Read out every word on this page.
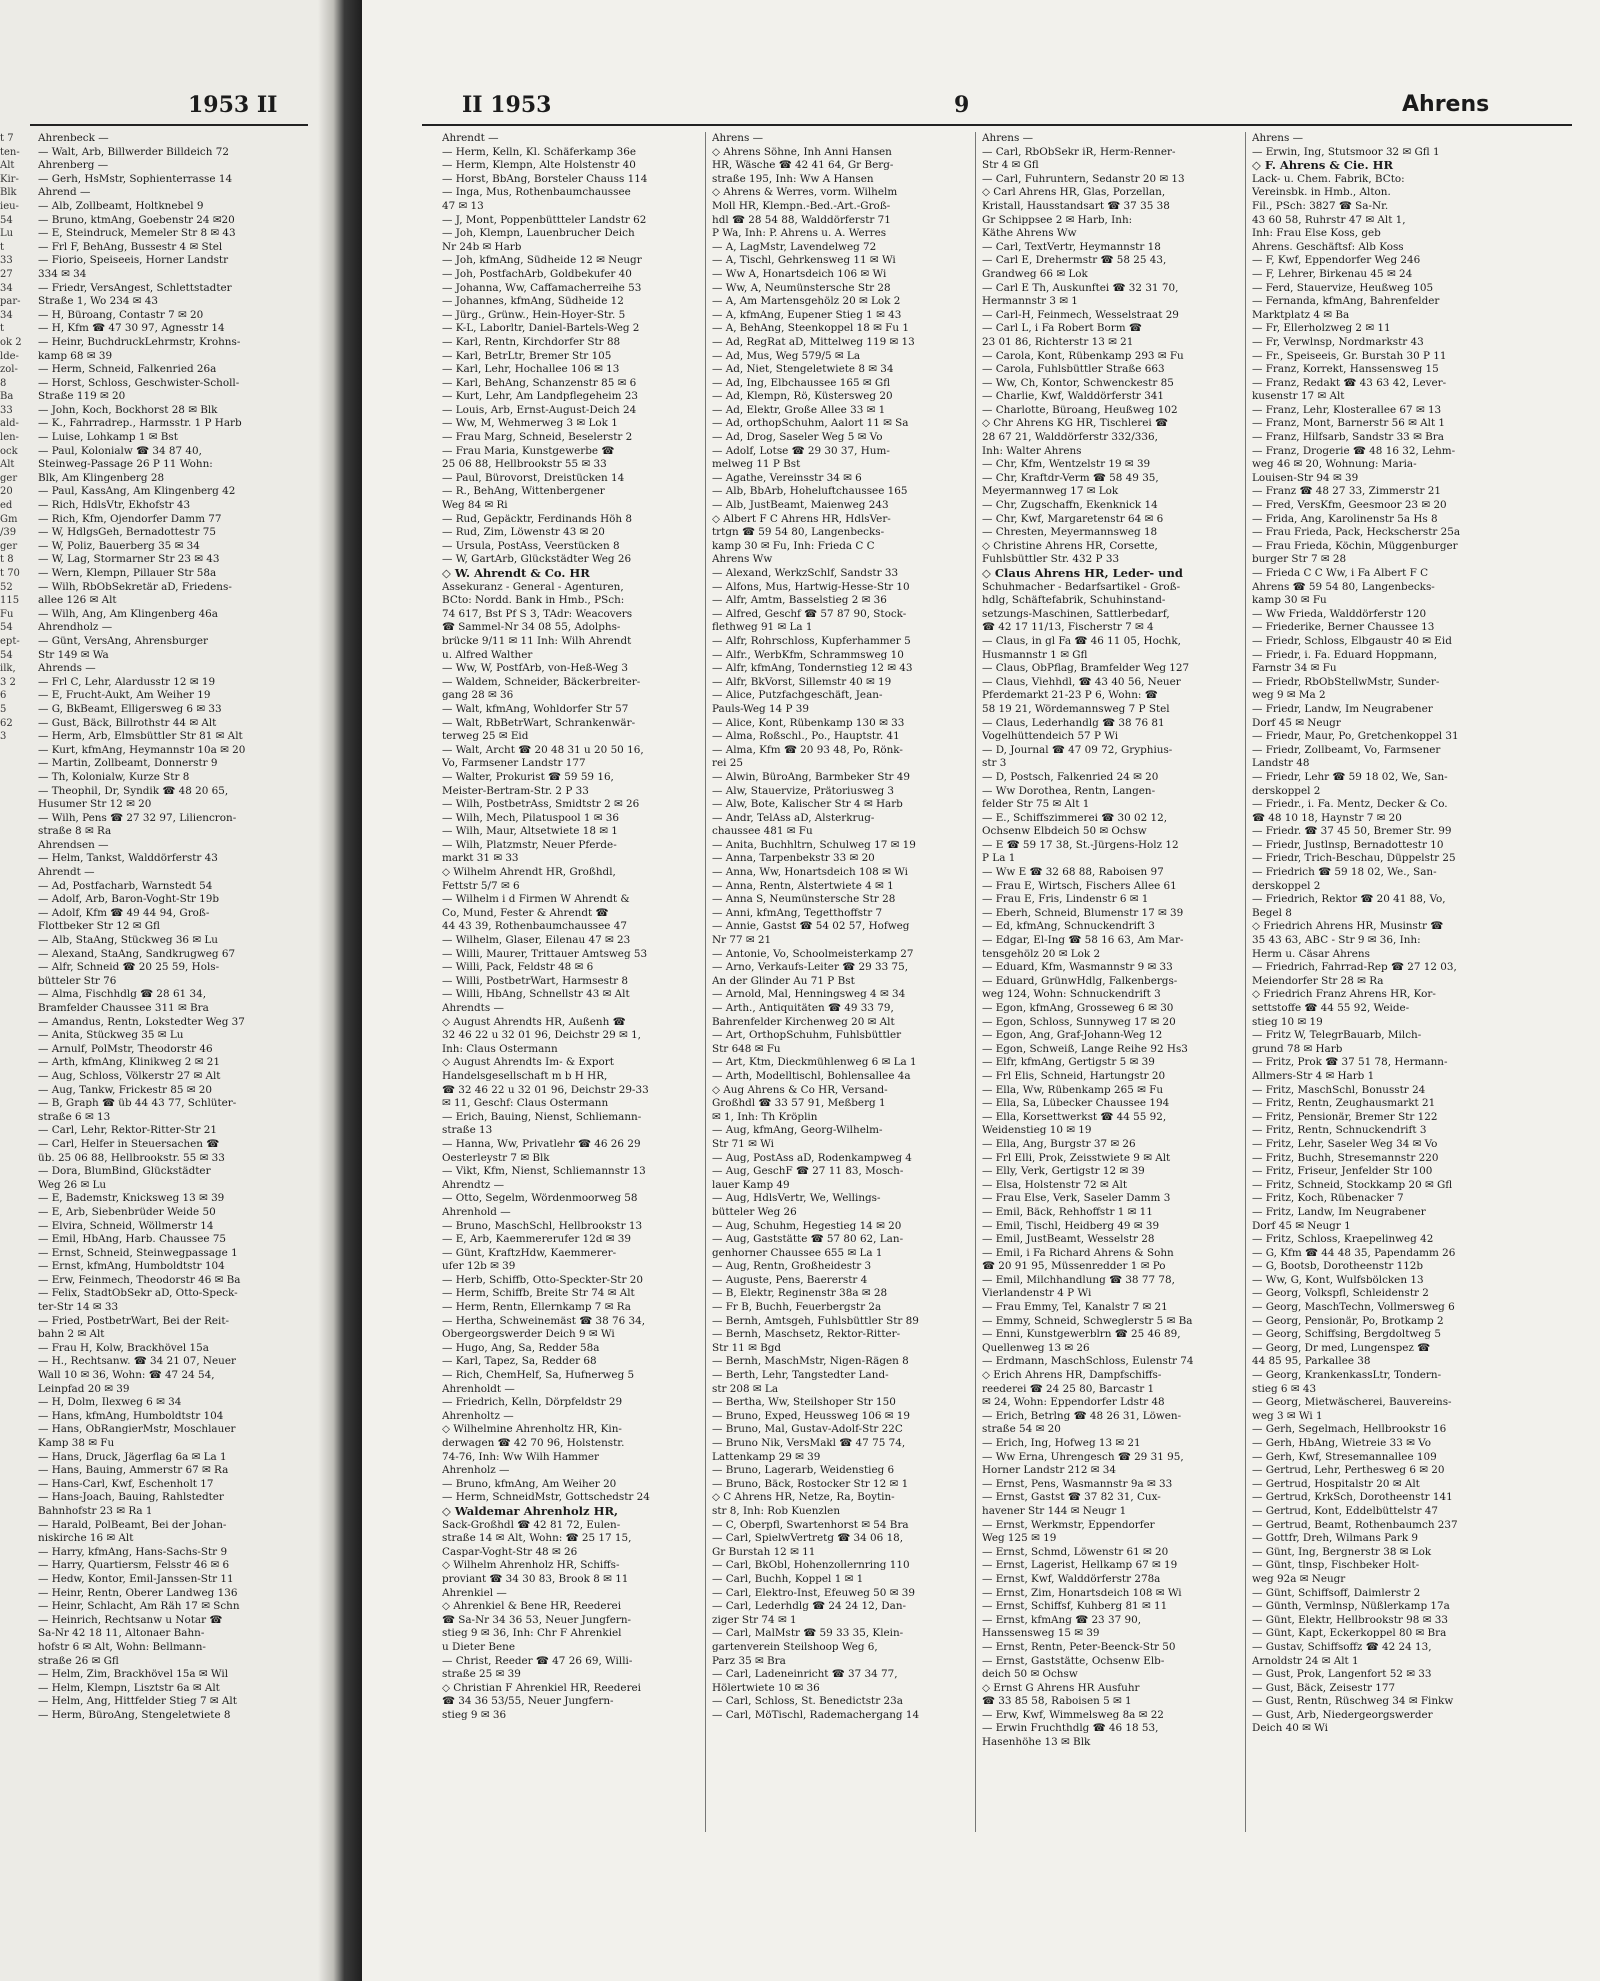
1953 II
t 7
ten-
Alt
Kir-
Blk
ieu-
54
Lu
t
33
27
34
par-
34
t
ok 2
lde-
zol-
8
Ba
33
ald-
len-
ock
Alt
ger
20
ed
Gm
/39
ger
t 8
t 70
52
115
Fu
54
ept-
54
ilk,
3 2
6
5
62
3
Ahrenbeck —
— Walt, Arb, Billwerder Billdeich 72
Ahrenberg —
— Gerh, HsMstr, Sophienterrasse 14
Ahrend —
— Alb, Zollbeamt, Holtknebel 9
— Bruno, ktmAng, Goebenstr 24 ✉20
— E, Steindruck, Memeler Str 8 ✉ 43
— Frl F, BehAng, Bussestr 4 ✉ Stel
— Fiorio, Speiseeis, Horner Landstr
334 ✉ 34
— Friedr, VersAngest, Schlettstadter
Straße 1, Wo 234 ✉ 43
— H, Büroang, Contastr 7 ✉ 20
— H, Kfm ☎ 47 30 97, Agnesstr 14
— Heinr, BuchdruckLehrmstr, Krohns-
kamp 68 ✉ 39
— Herm, Schneid, Falkenried 26a
— Horst, Schloss, Geschwister-Scholl-
Straße 119 ✉ 20
— John, Koch, Bockhorst 28 ✉ Blk
— K., Fahrradrep., Harmsstr. 1 P Harb
— Luise, Lohkamp 1 ✉ Bst
— Paul, Kolonialw ☎ 34 87 40,
Steinweg-Passage 26 P 11 Wohn:
Blk, Am Klingenberg 28
— Paul, KassAng, Am Klingenberg 42
— Rich, HdlsVtr, Ekhofstr 43
— Rich, Kfm, Ojendorfer Damm 77
— W, HdlgsGeh, Bernadottestr 75
— W, Poliz, Bauerberg 35 ✉ 34
— W, Lag, Stormarner Str 23 ✉ 43
— Wern, Klempn, Pillauer Str 58a
— Wilh, RbObSekretär aD, Friedens-
allee 126 ✉ Alt
— Wilh, Ang, Am Klingenberg 46a
Ahrendholz —
— Günt, VersAng, Ahrensburger
Str 149 ✉ Wa
Ahrends —
— Frl C, Lehr, Alardusstr 12 ✉ 19
— E, Frucht-Aukt, Am Weiher 19
— G, BkBeamt, Elligersweg 6 ✉ 33
— Gust, Bäck, Billrothstr 44 ✉ Alt
— Herm, Arb, Elmsbüttler Str 81 ✉ Alt
— Kurt, kfmAng, Heymannstr 10a ✉ 20
— Martin, Zollbeamt, Donnerstr 9
— Th, Kolonialw, Kurze Str 8
— Theophil, Dr, Syndik ☎ 48 20 65,
Husumer Str 12 ✉ 20
— Wilh, Pens ☎ 27 32 97, Liliencron-
straße 8 ✉ Ra
Ahrendsen —
— Helm, Tankst, Walddörferstr 43
Ahrendt —
— Ad, Postfacharb, Warnstedt 54
— Adolf, Arb, Baron-Voght-Str 19b
— Adolf, Kfm ☎ 49 44 94, Groß-
Flottbeker Str 12 ✉ Gfl
— Alb, StaAng, Stückweg 36 ✉ Lu
— Alexand, StaAng, Sandkrugweg 67
— Alfr, Schneid ☎ 20 25 59, Hols-
bütteler Str 76
— Alma, Fischhdlg ☎ 28 61 34,
Bramfelder Chaussee 311 ✉ Bra
— Amandus, Rentn, Lokstedter Weg 37
— Anita, Stückweg 35 ✉ Lu
— Arnulf, PolMstr, Theodorstr 46
— Arth, kfmAng, Klinikweg 2 ✉ 21
— Aug, Schloss, Völkerstr 27 ✉ Alt
— Aug, Tankw, Frickestr 85 ✉ 20
— B, Graph ☎ üb 44 43 77, Schlüter-
straße 6 ✉ 13
— Carl, Lehr, Rektor-Ritter-Str 21
— Carl, Helfer in Steuersachen ☎
üb. 25 06 88, Hellbrookstr. 55 ✉ 33
— Dora, BlumBind, Glückstädter
Weg 26 ✉ Lu
— E, Bademstr, Knicksweg 13 ✉ 39
— E, Arb, Siebenbrüder Weide 50
— Elvira, Schneid, Wöllmerstr 14
— Emil, HbAng, Harb. Chaussee 75
— Ernst, Schneid, Steinwegpassage 1
— Ernst, kfmAng, Humboldtstr 104
— Erw, Feinmech, Theodorstr 46 ✉ Ba
— Felix, StadtObSekr aD, Otto-Speck-
ter-Str 14 ✉ 33
— Fried, PostbetrWart, Bei der Reit-
bahn 2 ✉ Alt
— Frau H, Kolw, Brackhövel 15a
— H., Rechtsanw. ☎ 34 21 07, Neuer
Wall 10 ✉ 36, Wohn: ☎ 47 24 54,
Leinpfad 20 ✉ 39
— H, Dolm, Ilexweg 6 ✉ 34
— Hans, kfmAng, Humboldtstr 104
— Hans, ObRangierMstr, Moschlauer
Kamp 38 ✉ Fu
— Hans, Druck, Jägerflag 6a ✉ La 1
— Hans, Bauing, Ammerstr 67 ✉ Ra
— Hans-Carl, Kwf, Eschenholt 17
— Hans-Joach, Bauing, Rahlstedter
Bahnhofstr 23 ✉ Ra 1
— Harald, PolBeamt, Bei der Johan-
niskirche 16 ✉ Alt
— Harry, kfmAng, Hans-Sachs-Str 9
— Harry, Quartiersm, Felsstr 46 ✉ 6
— Hedw, Kontor, Emil-Janssen-Str 11
— Heinr, Rentn, Oberer Landweg 136
— Heinr, Schlacht, Am Räh 17 ✉ Schn
— Heinrich, Rechtsanw u Notar ☎
Sa-Nr 42 18 11, Altonaer Bahn-
hofstr 6 ✉ Alt, Wohn: Bellmann-
straße 26 ✉ Gfl
— Helm, Zim, Brackhövel 15a ✉ Wil
— Helm, Klempn, Lisztstr 6a ✉ Alt
— Helm, Ang, Hittfelder Stieg 7 ✉ Alt
— Herm, BüroAng, Stengeletwiete 8
II 1953	9	Ahrens
Ahrendt —
— Herm, Kelln, Kl. Schäferkamp 36e
— Herm, Klempn, Alte Holstenstr 40
— Horst, BbAng, Borsteler Chauss 114
— Inga, Mus, Rothenbaumchaussee
47 ✉ 13
— J, Mont, Poppenbüttteler Landstr 62
— Joh, Klempn, Lauenbrucher Deich
Nr 24b ✉ Harb
— Joh, kfmAng, Südheide 12 ✉ Neugr
— Joh, PostfachArb, Goldbekufer 40
— Johanna, Ww, Caffamacherreihe 53
— Johannes, kfmAng, Südheide 12
— Jürg., Grünw., Hein-Hoyer-Str. 5
— K-L, Laborltr, Daniel-Bartels-Weg 2
— Karl, Rentn, Kirchdorfer Str 88
— Karl, BetrLtr, Bremer Str 105
— Karl, Lehr, Hochallee 106 ✉ 13
— Karl, BehAng, Schanzenstr 85 ✉ 6
— Kurt, Lehr, Am Landpflegeheim 23
— Louis, Arb, Ernst-August-Deich 24
— Ww, M, Wehmerweg 3 ✉ Lok 1
— Frau Marg, Schneid, Beselerstr 2
— Frau Maria, Kunstgewerbe ☎
25 06 88, Hellbrookstr 55 ✉ 33
— Paul, Bürovorst, Dreistücken 14
— R., BehAng, Wittenbergener
Weg 84 ✉ Ri
— Rud, Gepäcktr, Ferdinands Höh 8
— Rud, Zim, Löwenstr 43 ✉ 20
— Ursula, PostAss, Veerstücken 8
— W, GartArb, Glückstädter Weg 26
◇ W. Ahrendt & Co. HR
Assekuranz - General - Agenturen,
BCto: Nordd. Bank in Hmb., PSch:
74 617, Bst Pf S 3, TAdr: Weacovers
☎ Sammel-Nr 34 08 55, Adolphs-
brücke 9/11 ✉ 11 Inh: Wilh Ahrendt
u. Alfred Walther
— Ww, W, PostfArb, von-Heß-Weg 3
— Waldem, Schneider, Bäckerbreiter-
gang 28 ✉ 36
— Walt, kfmAng, Wohldorfer Str 57
— Walt, RbBetrWart, Schrankenwär-
terweg 25 ✉ Eid
— Walt, Archt ☎ 20 48 31 u 20 50 16,
Vo, Farmsener Landstr 177
— Walter, Prokurist ☎ 59 59 16,
Meister-Bertram-Str. 2 P 33
— Wilh, PostbetrAss, Smidtstr 2 ✉ 26
— Wilh, Mech, Pilatuspool 1 ✉ 36
— Wilh, Maur, Altsetwiete 18 ✉ 1
— Wilh, Platzmstr, Neuer Pferde-
markt 31 ✉ 33
◇ Wilhelm Ahrendt HR, Großhdl,
Fettstr 5/7 ✉ 6
— Wilhelm i d Firmen W Ahrendt &
Co, Mund, Fester & Ahrendt ☎
44 43 39, Rothenbaumchaussee 47
— Wilhelm, Glaser, Eilenau 47 ✉ 23
— Willi, Maurer, Trittauer Amtsweg 53
— Willi, Pack, Feldstr 48 ✉ 6
— Willi, PostbetrWart, Harmsestr 8
— Willi, HbAng, Schnellstr 43 ✉ Alt
Ahrendts —
◇ August Ahrendts HR, Außenh ☎
32 46 22 u 32 01 96, Deichstr 29 ✉ 1,
Inh: Claus Ostermann
◇ August Ahrendts Im- & Export
Handelsgesellschaft m b H HR,
☎ 32 46 22 u 32 01 96, Deichstr 29-33
✉ 11, Geschf: Claus Ostermann
— Erich, Bauing, Nienst, Schliemann-
straße 13
— Hanna, Ww, Privatlehr ☎ 46 26 29
Oesterleystr 7 ✉ Blk
— Vikt, Kfm, Nienst, Schliemannstr 13
Ahrendtz —
— Otto, Segelm, Wördenmoorweg 58
Ahrenhold —
— Bruno, MaschSchl, Hellbrookstr 13
— E, Arb, Kaemmererufer 12d ✉ 39
— Günt, KraftzHdw, Kaemmerer-
ufer 12b ✉ 39
— Herb, Schiffb, Otto-Speckter-Str 20
— Herm, Schiffb, Breite Str 74 ✉ Alt
— Herm, Rentn, Ellernkamp 7 ✉ Ra
— Hertha, Schweinemäst ☎ 38 76 34,
Obergeorgswerder Deich 9 ✉ Wi
— Hugo, Ang, Sa, Redder 58a
— Karl, Tapez, Sa, Redder 68
— Rich, ChemHelf, Sa, Hufnerweg 5
Ahrenholdt —
— Friedrich, Kelln, Dörpfeldstr 29
Ahrenholtz —
◇ Wilhelmine Ahrenholtz HR, Kin-
derwagen ☎ 42 70 96, Holstenstr.
74-76, Inh: Ww Wilh Hammer
Ahrenholz —
— Bruno, kfmAng, Am Weiher 20
— Herm, SchneidMstr, Gottschedstr 24
◇ Waldemar Ahrenholz HR,
Sack-Großhdl ☎ 42 81 72, Eulen-
straße 14 ✉ Alt, Wohn: ☎ 25 17 15,
Caspar-Voght-Str 48 ✉ 26
◇ Wilhelm Ahrenholz HR, Schiffs-
proviant ☎ 34 30 83, Brook 8 ✉ 11
Ahrenkiel —
◇ Ahrenkiel & Bene HR, Reederei
☎ Sa-Nr 34 36 53, Neuer Jungfern-
stieg 9 ✉ 36, Inh: Chr F Ahrenkiel
u Dieter Bene
— Christ, Reeder ☎ 47 26 69, Willi-
straße 25 ✉ 39
◇ Christian F Ahrenkiel HR, Reederei
☎ 34 36 53/55, Neuer Jungfern-
stieg 9 ✉ 36
Ahrens —
◇ Ahrens Söhne, Inh Anni Hansen
HR, Wäsche ☎ 42 41 64, Gr Berg-
straße 195, Inh: Ww A Hansen
◇ Ahrens & Werres, vorm. Wilhelm
Moll HR, Klempn.-Bed.-Art.-Groß-
hdl ☎ 28 54 88, Walddörferstr 71
P Wa, Inh: P. Ahrens u. A. Werres
— A, LagMstr, Lavendelweg 72
— A, Tischl, Gehrkensweg 11 ✉ Wi
— Ww A, Honartsdeich 106 ✉ Wi
— Ww, A, Neumünstersche Str 28
— A, Am Martensgehölz 20 ✉ Lok 2
— A, kfmAng, Eupener Stieg 1 ✉ 43
— A, BehAng, Steenkoppel 18 ✉ Fu 1
— Ad, RegRat aD, Mittelweg 119 ✉ 13
— Ad, Mus, Weg 579/5 ✉ La
— Ad, Niet, Stengeletwiete 8 ✉ 34
— Ad, Ing, Elbchaussee 165 ✉ Gfl
— Ad, Klempn, Rö, Küstersweg 20
— Ad, Elektr, Große Allee 33 ✉ 1
— Ad, orthopSchuhm, Aalort 11 ✉ Sa
— Ad, Drog, Saseler Weg 5 ✉ Vo
— Adolf, Lotse ☎ 29 30 37, Hum-
melweg 11 P Bst
— Agathe, Vereinsstr 34 ✉ 6
— Alb, BbArb, Hoheluftchaussee 165
— Alb, JustBeamt, Maienweg 243
◇ Albert F C Ahrens HR, HdlsVer-
trtgn ☎ 59 54 80, Langenbecks-
kamp 30 ✉ Fu, Inh: Frieda C C
Ahrens Ww
— Alexand, WerkzSchlf, Sandstr 33
— Alfons, Mus, Hartwig-Hesse-Str 10
— Alfr, Amtm, Basselstieg 2 ✉ 36
— Alfred, Geschf ☎ 57 87 90, Stock-
flethweg 91 ✉ La 1
— Alfr, Rohrschloss, Kupferhammer 5
— Alfr., WerbKfm, Schrammsweg 10
— Alfr, kfmAng, Tondernstieg 12 ✉ 43
— Alfr, BkVorst, Sillemstr 40 ✉ 19
— Alice, Putzfachgeschäft, Jean-
Pauls-Weg 14 P 39
— Alice, Kont, Rübenkamp 130 ✉ 33
— Alma, Roßschl., Po., Hauptstr. 41
— Alma, Kfm ☎ 20 93 48, Po, Rönk-
rei 25
— Alwin, BüroAng, Barmbeker Str 49
— Alw, Stauervize, Prätoriusweg 3
— Alw, Bote, Kalischer Str 4 ✉ Harb
— Andr, TelAss aD, Alsterkrug-
chaussee 481 ✉ Fu
— Anita, Buchhltrn, Schulweg 17 ✉ 19
— Anna, Tarpenbekstr 33 ✉ 20
— Anna, Ww, Honartsdeich 108 ✉ Wi
— Anna, Rentn, Alstertwiete 4 ✉ 1
— Anna S, Neumünstersche Str 28
— Anni, kfmAng, Tegetthoffstr 7
— Annie, Gastst ☎ 54 02 57, Hofweg
Nr 77 ✉ 21
— Antonie, Vo, Schoolmeisterkamp 27
— Arno, Verkaufs-Leiter ☎ 29 33 75,
An der Glinder Au 71 P Bst
— Arnold, Mal, Henningsweg 4 ✉ 34
— Arth., Antiquitäten ☎ 49 33 79,
Bahrenfelder Kirchenweg 20 ✉ Alt
— Art, OrthopSchuhm, Fuhlsbüttler
Str 648 ✉ Fu
— Art, Ktm, Dieckmühlenweg 6 ✉ La 1
— Arth, Modelltischl, Bohlensallee 4a
◇ Aug Ahrens & Co HR, Versand-
Großhdl ☎ 33 57 91, Meßberg 1
✉ 1, Inh: Th Kröplin
— Aug, kfmAng, Georg-Wilhelm-
Str 71 ✉ Wi
— Aug, PostAss aD, Rodenkampweg 4
— Aug, GeschF ☎ 27 11 83, Mosch-
lauer Kamp 49
— Aug, HdlsVertr, We, Wellings-
bütteler Weg 26
— Aug, Schuhm, Hegestieg 14 ✉ 20
— Aug, Gaststätte ☎ 57 80 62, Lan-
genhorner Chaussee 655 ✉ La 1
— Aug, Rentn, Großheidestr 3
— Auguste, Pens, Baererstr 4
— B, Elektr, Reginenstr 38a ✉ 28
— Fr B, Buchh, Feuerbergstr 2a
— Bernh, Amtsgeh, Fuhlsbüttler Str 89
— Bernh, Maschsetz, Rektor-Ritter-
Str 11 ✉ Bgd
— Bernh, MaschMstr, Nigen-Rägen 8
— Berth, Lehr, Tangstedter Land-
str 208 ✉ La
— Bertha, Ww, Steilshoper Str 150
— Bruno, Exped, Heussweg 106 ✉ 19
— Bruno, Mal, Gustav-Adolf-Str 22C
— Bruno Nik, VersMakl ☎ 47 75 74,
Lattenkamp 29 ✉ 39
— Bruno, Lagerarb, Weidenstieg 6
— Bruno, Bäck, Rostocker Str 12 ✉ 1
◇ C Ahrens HR, Netze, Ra, Boytin-
str 8, Inh: Rob Kuenzlen
— C, Oberpfl, Swartenhorst ✉ 54 Bra
— Carl, SpielwVertretg ☎ 34 06 18,
Gr Burstah 12 ✉ 11
— Carl, BkObl, Hohenzollernring 110
— Carl, Buchh, Koppel 1 ✉ 1
— Carl, Elektro-Inst, Efeuweg 50 ✉ 39
— Carl, Lederhdlg ☎ 24 24 12, Dan-
ziger Str 74 ✉ 1
— Carl, MalMstr ☎ 59 33 35, Klein-
gartenverein Steilshoop Weg 6,
Parz 35 ✉ Bra
— Carl, Ladeneinricht ☎ 37 34 77,
Hölertwiete 10 ✉ 36
— Carl, Schloss, St. Benedictstr 23a
— Carl, MöTischl, Rademachergang 14
Ahrens —
— Carl, RbObSekr iR, Herm-Renner-
Str 4 ✉ Gfl
— Carl, Fuhruntern, Sedanstr 20 ✉ 13
◇ Carl Ahrens HR, Glas, Porzellan,
Kristall, Hausstandsart ☎ 37 35 38
Gr Schippsee 2 ✉ Harb, Inh:
Käthe Ahrens Ww
— Carl, TextVertr, Heymannstr 18
— Carl E, Drehermstr ☎ 58 25 43,
Grandweg 66 ✉ Lok
— Carl E Th, Auskunftei ☎ 32 31 70,
Hermannstr 3 ✉ 1
— Carl-H, Feinmech, Wesselstraat 29
— Carl L, i Fa Robert Borm ☎
23 01 86, Richterstr 13 ✉ 21
— Carola, Kont, Rübenkamp 293 ✉ Fu
— Carola, Fuhlsbüttler Straße 663
— Ww, Ch, Kontor, Schwenckestr 85
— Charlie, Kwf, Walddörferstr 341
— Charlotte, Büroang, Heußweg 102
◇ Chr Ahrens KG HR, Tischlerei ☎
28 67 21, Walddörferstr 332/336,
Inh: Walter Ahrens
— Chr, Kfm, Wentzelstr 19 ✉ 39
— Chr, Kraftdr-Verm ☎ 58 49 35,
Meyermannweg 17 ✉ Lok
— Chr, Zugschaffn, Ekenknick 14
— Chr, Kwf, Margaretenstr 64 ✉ 6
— Chresten, Meyermannsweg 18
◇ Christine Ahrens HR, Corsette,
Fuhlsbüttler Str. 432 P 33
◇ Claus Ahrens HR, Leder- und
Schuhmacher - Bedarfsartikel - Groß-
hdlg, Schäftefabrik, Schuhinstand-
setzungs-Maschinen, Sattlerbedarf,
☎ 42 17 11/13, Fischerstr 7 ✉ 4
— Claus, in gl Fa ☎ 46 11 05, Hochk,
Husmannstr 1 ✉ Gfl
— Claus, ObPflag, Bramfelder Weg 127
— Claus, Viehhdl, ☎ 43 40 56, Neuer
Pferdemarkt 21-23 P 6, Wohn: ☎
58 19 21, Wördemannsweg 7 P Stel
— Claus, Lederhandlg ☎ 38 76 81
Vogelhüttendeich 57 P Wi
— D, Journal ☎ 47 09 72, Gryphius-
str 3
— D, Postsch, Falkenried 24 ✉ 20
— Ww Dorothea, Rentn, Langen-
felder Str 75 ✉ Alt 1
— E., Schiffszimmerei ☎ 30 02 12,
Ochsenw Elbdeich 50 ✉ Ochsw
— E ☎ 59 17 38, St.-Jürgens-Holz 12
P La 1
— Ww E ☎ 32 68 88, Raboisen 97
— Frau E, Wirtsch, Fischers Allee 61
— Frau E, Fris, Lindenstr 6 ✉ 1
— Eberh, Schneid, Blumenstr 17 ✉ 39
— Ed, kfmAng, Schnuckendrift 3
— Edgar, El-Ing ☎ 58 16 63, Am Mar-
tensgehölz 20 ✉ Lok 2
— Eduard, Kfm, Wasmannstr 9 ✉ 33
— Eduard, GrünwHdlg, Falkenbergs-
weg 124, Wohn: Schnuckendrift 3
— Egon, kfmAng, Grosseweg 6 ✉ 30
— Egon, Schloss, Sunnyweg 17 ✉ 20
— Egon, Ang, Graf-Johann-Weg 12
— Egon, Schweiß, Lange Reihe 92 Hs3
— Elfr, kfmAng, Gertigstr 5 ✉ 39
— Frl Elis, Schneid, Hartungstr 20
— Ella, Ww, Rübenkamp 265 ✉ Fu
— Ella, Sa, Lübecker Chaussee 194
— Ella, Korsettwerkst ☎ 44 55 92,
Weidenstieg 10 ✉ 19
— Ella, Ang, Burgstr 37 ✉ 26
— Frl Elli, Prok, Zeisstwiete 9 ✉ Alt
— Elly, Verk, Gertigstr 12 ✉ 39
— Elsa, Holstenstr 72 ✉ Alt
— Frau Else, Verk, Saseler Damm 3
— Emil, Bäck, Rehhoffstr 1 ✉ 11
— Emil, Tischl, Heidberg 49 ✉ 39
— Emil, JustBeamt, Wesselstr 28
— Emil, i Fa Richard Ahrens & Sohn
☎ 20 91 95, Müssenredder 1 ✉ Po
— Emil, Milchhandlung ☎ 38 77 78,
Vierlandenstr 4 P Wi
— Frau Emmy, Tel, Kanalstr 7 ✉ 21
— Emmy, Schneid, Schweglerstr 5 ✉ Ba
— Enni, Kunstgewerblrn ☎ 25 46 89,
Quellenweg 13 ✉ 26
— Erdmann, MaschSchloss, Eulenstr 74
◇ Erich Ahrens HR, Dampfschiffs-
reederei ☎ 24 25 80, Barcastr 1
✉ 24, Wohn: Eppendorfer Ldstr 48
— Erich, Betrlng ☎ 48 26 31, Löwen-
straße 54 ✉ 20
— Erich, Ing, Hofweg 13 ✉ 21
— Ww Erna, Uhrengesch ☎ 29 31 95,
Horner Landstr 212 ✉ 34
— Ernst, Pens, Wasmannstr 9a ✉ 33
— Ernst, Gastst ☎ 37 82 31, Cux-
havener Str 144 ✉ Neugr 1
— Ernst, Werkmstr, Eppendorfer
Weg 125 ✉ 19
— Ernst, Schmd, Löwenstr 61 ✉ 20
— Ernst, Lagerist, Hellkamp 67 ✉ 19
— Ernst, Kwf, Walddörferstr 278a
— Ernst, Zim, Honartsdeich 108 ✉ Wi
— Ernst, Schiffsf, Kuhberg 81 ✉ 11
— Ernst, kfmAng ☎ 23 37 90,
Hanssensweg 15 ✉ 39
— Ernst, Rentn, Peter-Beenck-Str 50
— Ernst, Gaststätte, Ochsenw Elb-
deich 50 ✉ Ochsw
◇ Ernst G Ahrens HR Ausfuhr
☎ 33 85 58, Raboisen 5 ✉ 1
— Erw, Kwf, Wimmelsweg 8a ✉ 22
— Erwin Fruchthdlg ☎ 46 18 53,
Hasenhöhe 13 ✉ Blk
Ahrens —
— Erwin, Ing, Stutsmoor 32 ✉ Gfl 1
◇ F. Ahrens & Cie. HR
Lack- u. Chem. Fabrik, BCto:
Vereinsbk. in Hmb., Alton.
Fil., PSch: 3827 ☎ Sa-Nr.
43 60 58, Ruhrstr 47 ✉ Alt 1,
Inh: Frau Else Koss, geb
Ahrens. Geschäftsf: Alb Koss
— F, Kwf, Eppendorfer Weg 246
— F, Lehrer, Birkenau 45 ✉ 24
— Ferd, Stauervize, Heußweg 105
— Fernanda, kfmAng, Bahrenfelder
Marktplatz 4 ✉ Ba
— Fr, Ellerholzweg 2 ✉ 11
— Fr, Verwlnsp, Nordmarkstr 43
— Fr., Speiseeis, Gr. Burstah 30 P 11
— Franz, Korrekt, Hanssensweg 15
— Franz, Redakt ☎ 43 63 42, Lever-
kusenstr 17 ✉ Alt
— Franz, Lehr, Klosterallee 67 ✉ 13
— Franz, Mont, Barnerstr 56 ✉ Alt 1
— Franz, Hilfsarb, Sandstr 33 ✉ Bra
— Franz, Drogerie ☎ 48 16 32, Lehm-
weg 46 ✉ 20, Wohnung: Maria-
Louisen-Str 94 ✉ 39
— Franz ☎ 48 27 33, Zimmerstr 21
— Fred, VersKfm, Geesmoor 23 ✉ 20
— Frida, Ang, Karolinenstr 5a Hs 8
— Frau Frieda, Pack, Heckscherstr 25a
— Frau Frieda, Köchin, Müggenburger
burger Str 7 ✉ 28
— Frieda C C Ww, i Fa Albert F C
Ahrens ☎ 59 54 80, Langenbecks-
kamp 30 ✉ Fu
— Ww Frieda, Walddörferstr 120
— Friederike, Berner Chaussee 13
— Friedr, Schloss, Elbgaustr 40 ✉ Eid
— Friedr, i. Fa. Eduard Hoppmann,
Farnstr 34 ✉ Fu
— Friedr, RbObStellwMstr, Sunder-
weg 9 ✉ Ma 2
— Friedr, Landw, Im Neugrabener
Dorf 45 ✉ Neugr
— Friedr, Maur, Po, Gretchenkoppel 31
— Friedr, Zollbeamt, Vo, Farmsener
Landstr 48
— Friedr, Lehr ☎ 59 18 02, We, San-
derskoppel 2
— Friedr., i. Fa. Mentz, Decker & Co.
☎ 48 10 18, Haynstr 7 ✉ 20
— Friedr. ☎ 37 45 50, Bremer Str. 99
— Friedr, Justlnsp, Bernadottestr 10
— Friedr, Trich-Beschau, Düppelstr 25
— Friedrich ☎ 59 18 02, We., San-
derskoppel 2
— Friedrich, Rektor ☎ 20 41 88, Vo,
Begel 8
◇ Friedrich Ahrens HR, Musinstr ☎
35 43 63, ABC - Str 9 ✉ 36, Inh:
Herm u. Cäsar Ahrens
— Friedrich, Fahrrad-Rep ☎ 27 12 03,
Meiendorfer Str 28 ✉ Ra
◇ Friedrich Franz Ahrens HR, Kor-
settstoffe ☎ 44 55 92, Weide-
stieg 10 ✉ 19
— Fritz W, TelegrBauarb, Milch-
grund 78 ✉ Harb
— Fritz, Prok ☎ 37 51 78, Hermann-
Allmers-Str 4 ✉ Harb 1
— Fritz, MaschSchl, Bonusstr 24
— Fritz, Rentn, Zeughausmarkt 21
— Fritz, Pensionär, Bremer Str 122
— Fritz, Rentn, Schnuckendrift 3
— Fritz, Lehr, Saseler Weg 34 ✉ Vo
— Fritz, Buchh, Stresemannstr 220
— Fritz, Friseur, Jenfelder Str 100
— Fritz, Schneid, Stockkamp 20 ✉ Gfl
— Fritz, Koch, Rübenacker 7
— Fritz, Landw, Im Neugrabener
Dorf 45 ✉ Neugr 1
— Fritz, Schloss, Kraepelinweg 42
— G, Kfm ☎ 44 48 35, Papendamm 26
— G, Bootsb, Dorotheenstr 112b
— Ww, G, Kont, Wulfsbölcken 13
— Georg, Volkspfl, Schleidenstr 2
— Georg, MaschTechn, Vollmersweg 6
— Georg, Pensionär, Po, Brotkamp 2
— Georg, Schiffsing, Bergdoltweg 5
— Georg, Dr med, Lungenspez ☎
44 85 95, Parkallee 38
— Georg, KrankenkassLtr, Tondern-
stieg 6 ✉ 43
— Georg, Mietwäscherei, Bauvereins-
weg 3 ✉ Wi 1
— Gerh, Segelmach, Hellbrookstr 16
— Gerh, HbAng, Wietreie 33 ✉ Vo
— Gerh, Kwf, Stresemannallee 109
— Gertrud, Lehr, Perthesweg 6 ✉ 20
— Gertrud, Hospitalstr 20 ✉ Alt
— Gertrud, KrkSch, Dorotheenstr 141
— Gertrud, Kont, Eddelbüttelstr 47
— Gertrud, Beamt, Rothenbaumch 237
— Gottfr, Dreh, Wilmans Park 9
— Günt, Ing, Bergnerstr 38 ✉ Lok
— Günt, tlnsp, Fischbeker Holt-
weg 92a ✉ Neugr
— Günt, Schiffsoff, Daimlerstr 2
— Günth, Vermlnsp, Nüßlerkamp 17a
— Günt, Elektr, Hellbrookstr 98 ✉ 33
— Günt, Kapt, Eckerkoppel 80 ✉ Bra
— Gustav, Schiffsoffz ☎ 42 24 13,
Arnoldstr 24 ✉ Alt 1
— Gust, Prok, Langenfort 52 ✉ 33
— Gust, Bäck, Zeisestr 177
— Gust, Rentn, Rüschweg 34 ✉ Finkw
— Gust, Arb, Niedergeorgswerder
Deich 40 ✉ Wi
